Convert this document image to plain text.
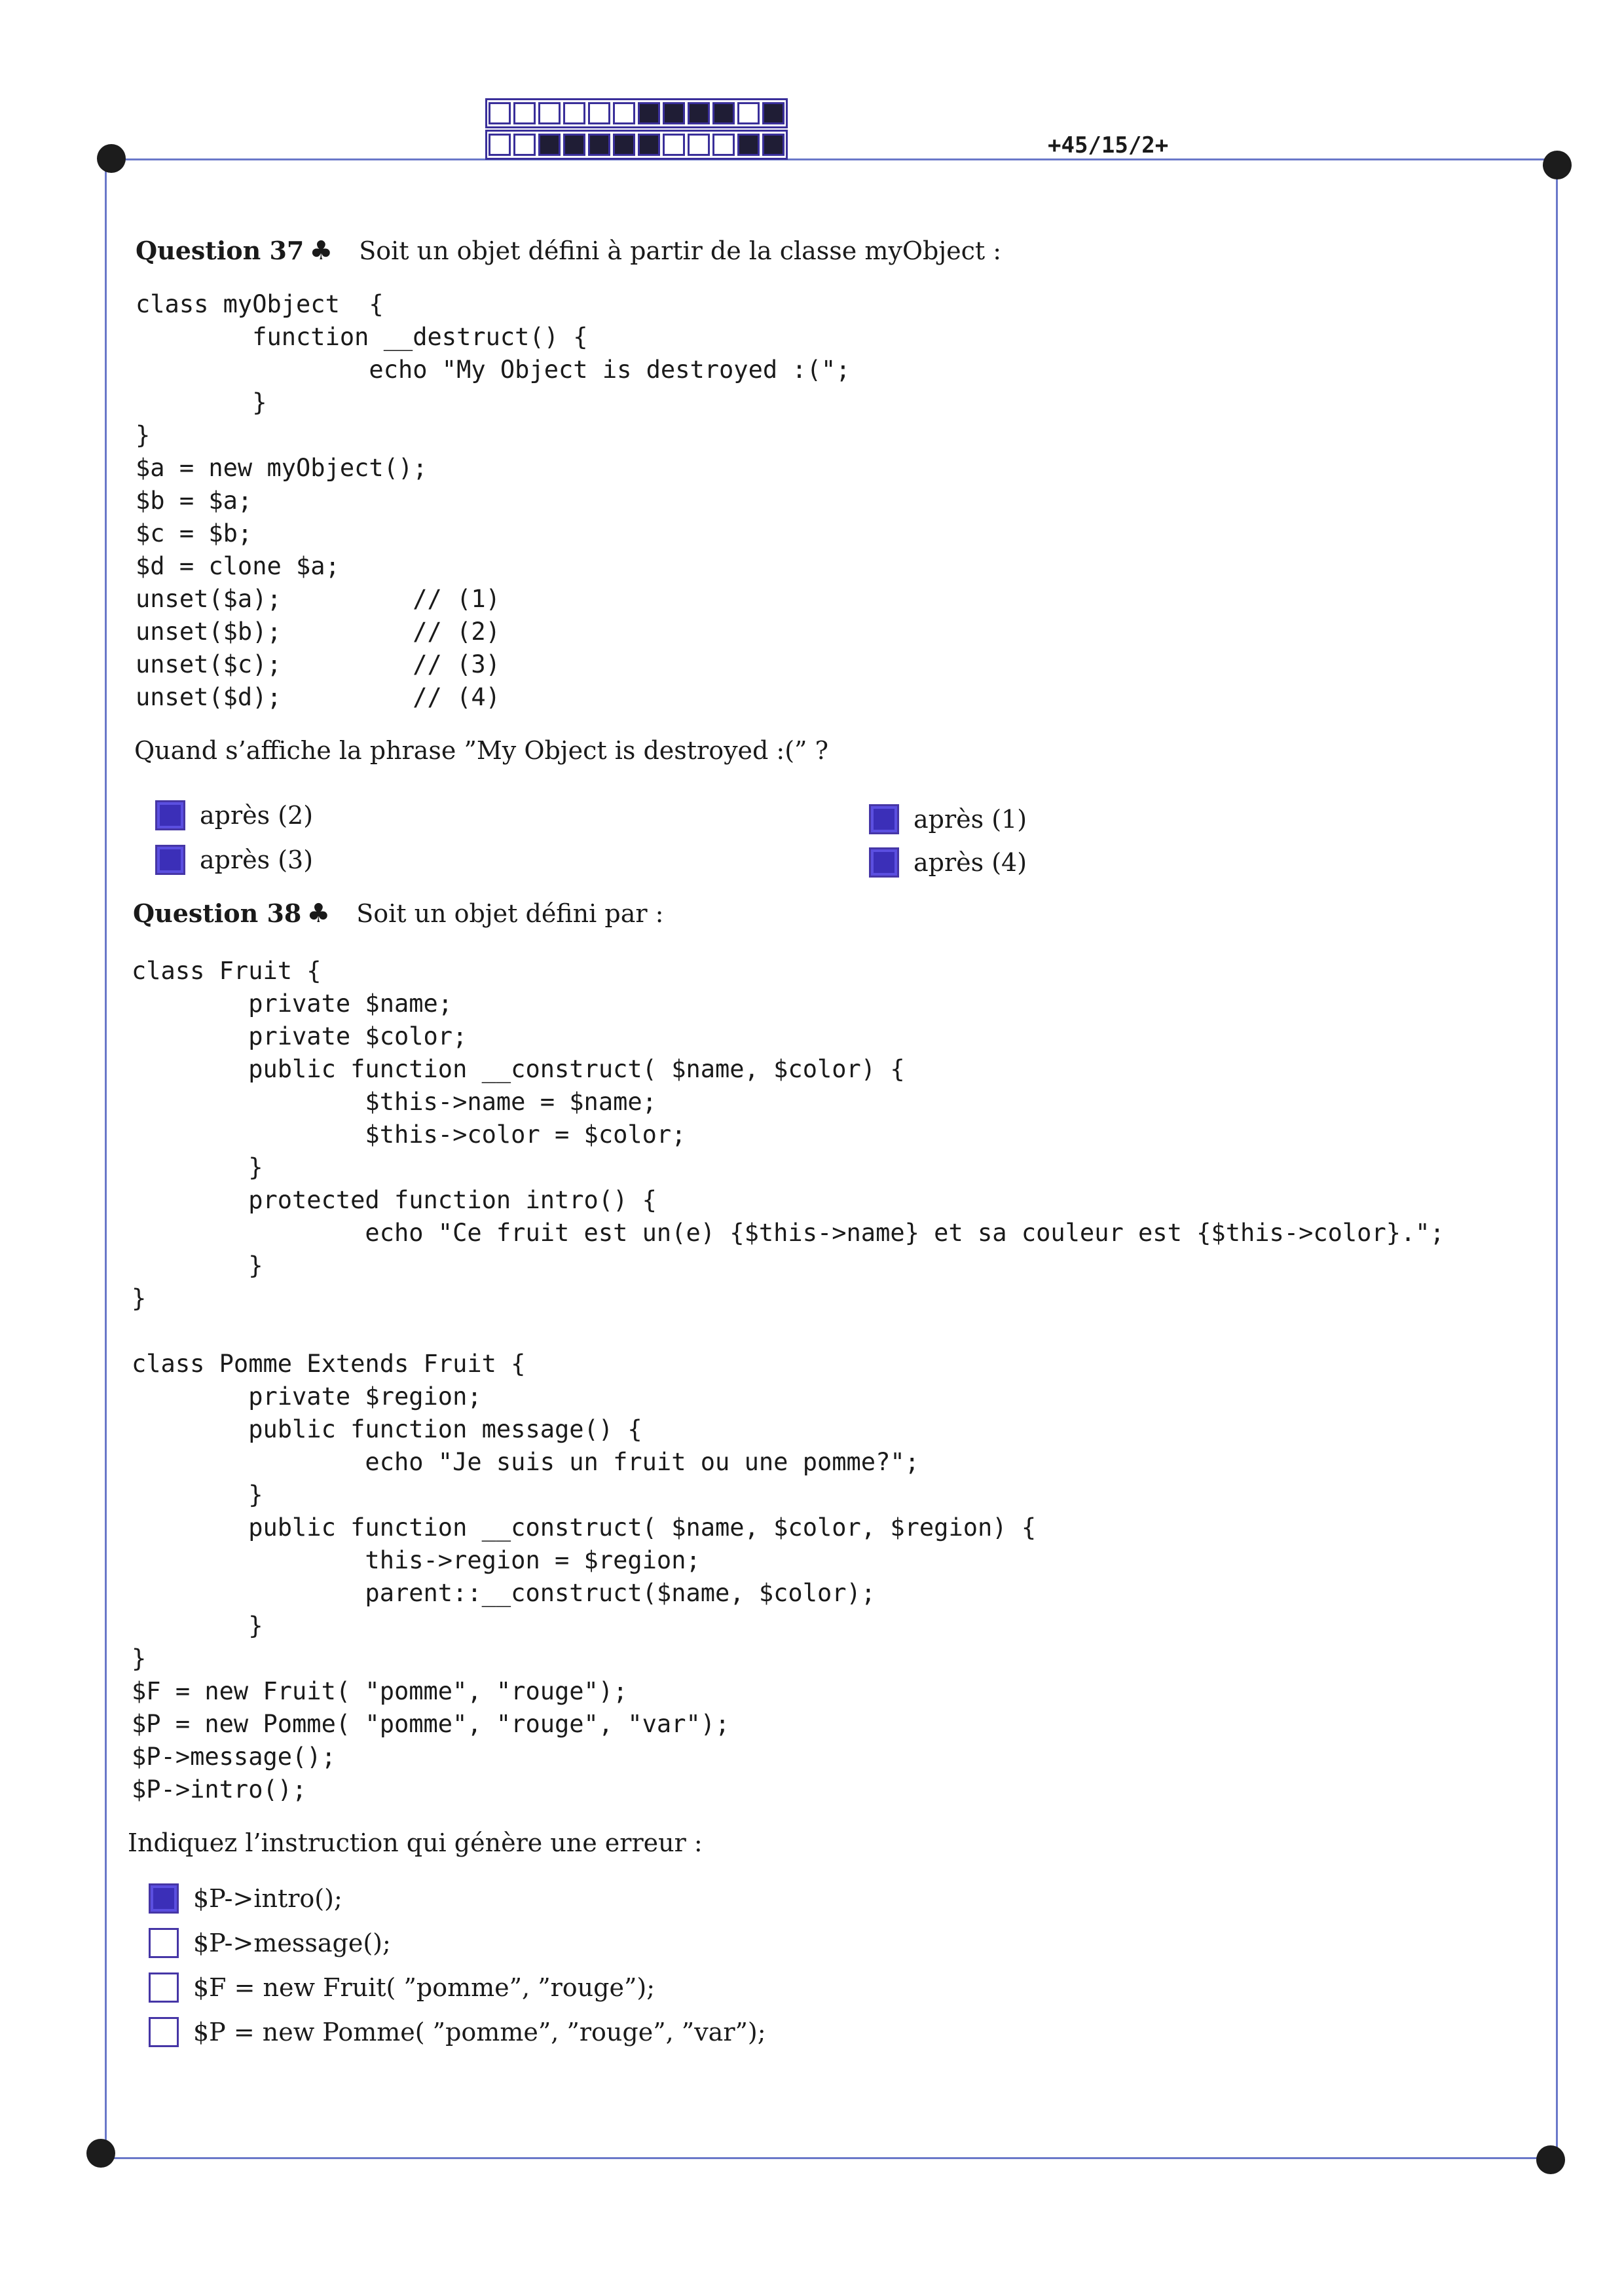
+45/15/2+
Question 37 ♣ Soit un objet défini à partir de la classe myObject :
class myObject  {
function __destruct() {
echo "My Object is destroyed :(";
}
}
$a = new myObject();
$b = $a;
$c = $b;
$d = clone $a;
unset($a);         // (1)
unset($b);         // (2)
unset($c);         // (3)
unset($d);         // (4)
Quand s’affiche la phrase ”My Object is destroyed :(” ?
après (2)	après (1)
après (3)	après (4)
Question 38 ♣ Soit un objet défini par :
class Fruit {
private $name;
private $color;
public function __construct( $name, $color) {
$this->name = $name;
$this->color = $color;
}
protected function intro() {
echo "Ce fruit est un(e) {$this->name} et sa couleur est {$this->color}.";
}
}

class Pomme Extends Fruit {
private $region;
public function message() {
echo "Je suis un fruit ou une pomme?";
}
public function __construct( $name, $color, $region) {
this->region = $region;
parent::__construct($name, $color);
}
}
$F = new Fruit( "pomme", "rouge");
$P = new Pomme( "pomme", "rouge", "var");
$P->message();
$P->intro();
Indiquez l’instruction qui génère une erreur :
$P->intro();
$P->message();
$F = new Fruit( ”pomme”, ”rouge”);
$P = new Pomme( ”pomme”, ”rouge”, ”var”);
